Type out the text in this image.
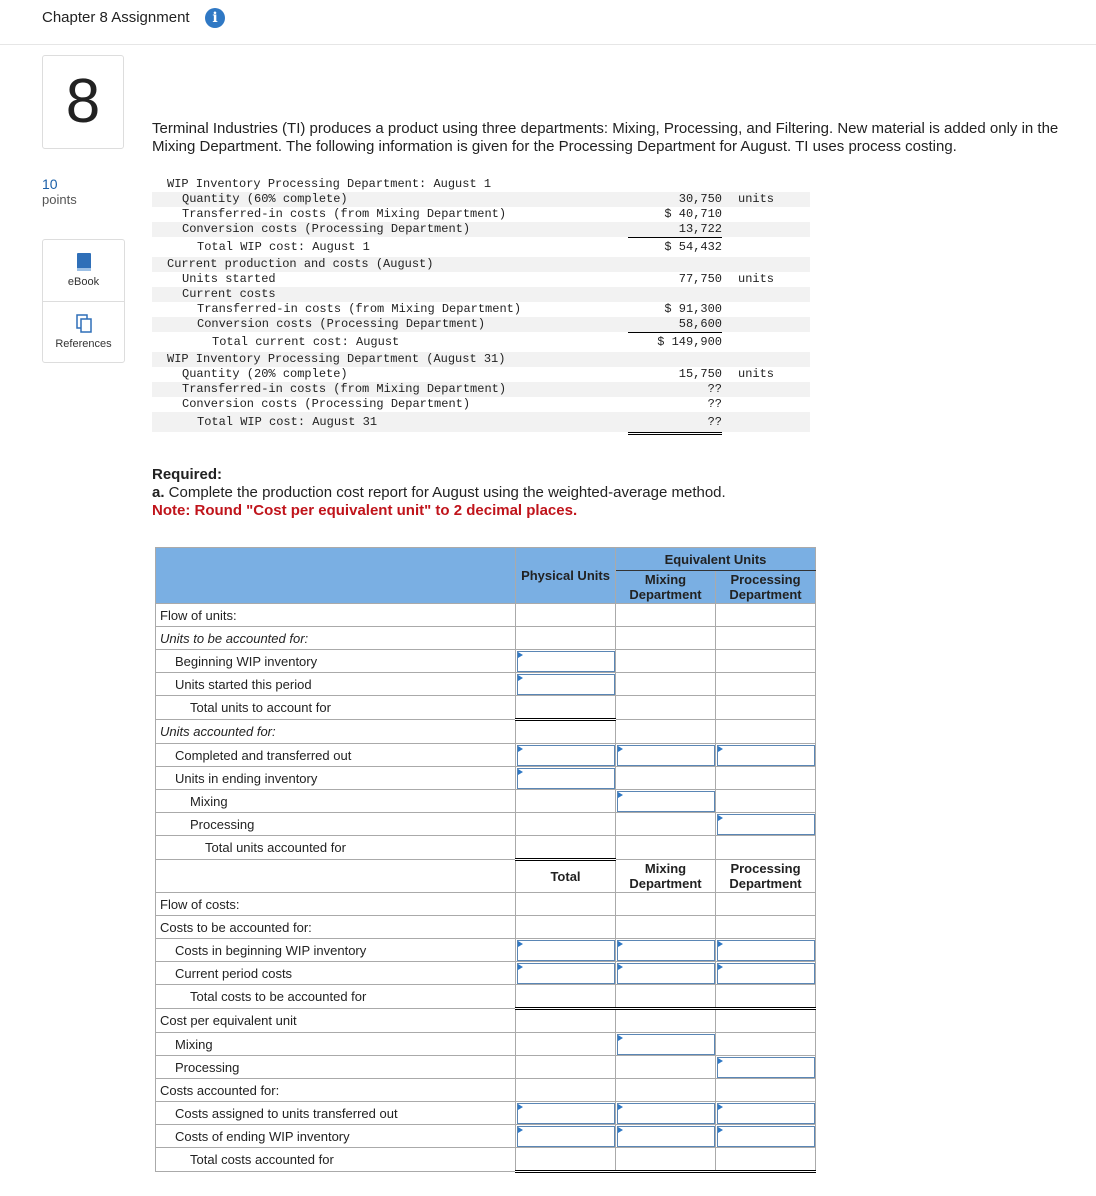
Chapter 8 Assignment	i
8
10
points
eBook
References
Terminal Industries (TI) produces a product using three departments: Mixing, Processing, and Filtering. New material is added only in the Mixing Department. The following information is given for the Processing Department for August. TI uses process costing.
WIP Inventory Processing Department: August 1
Quantity (60% complete)	30,750 units
Transferred-in costs (from Mixing Department)	$ 40,710
Conversion costs (Processing Department)	13,722
Total WIP cost: August 1	$ 54,432
Current production and costs (August)
Units started	77,750 units
Current costs
Transferred-in costs (from Mixing Department)	$ 91,300
Conversion costs (Processing Department)	58,600
Total current cost: August	$ 149,900
WIP Inventory Processing Department (August 31)
Quantity (20% complete)	15,750 units
Transferred-in costs (from Mixing Department)	??
Conversion costs (Processing Department)	??
Total WIP cost: August 31	??
Required:
a. Complete the production cost report for August using the weighted-average method.
Note: Round "Cost per equivalent unit" to 2 decimal places.
	Physical Units	Equivalent Units	
		Mixing Department	Processing Department
Flow of units:			
Units to be accounted for:			
Beginning WIP inventory			
Units started this period			
Total units to account for			
Units accounted for:			
Completed and transferred out			
Units in ending inventory			
Mixing			
Processing			
Total units accounted for			
	Total	Mixing Department	Processing Department
Flow of costs:			
Costs to be accounted for:			
Costs in beginning WIP inventory			
Current period costs			
Total costs to be accounted for			
Cost per equivalent unit			
Mixing			
Processing			
Costs accounted for:			
Costs assigned to units transferred out			
Costs of ending WIP inventory			
Total costs accounted for			
